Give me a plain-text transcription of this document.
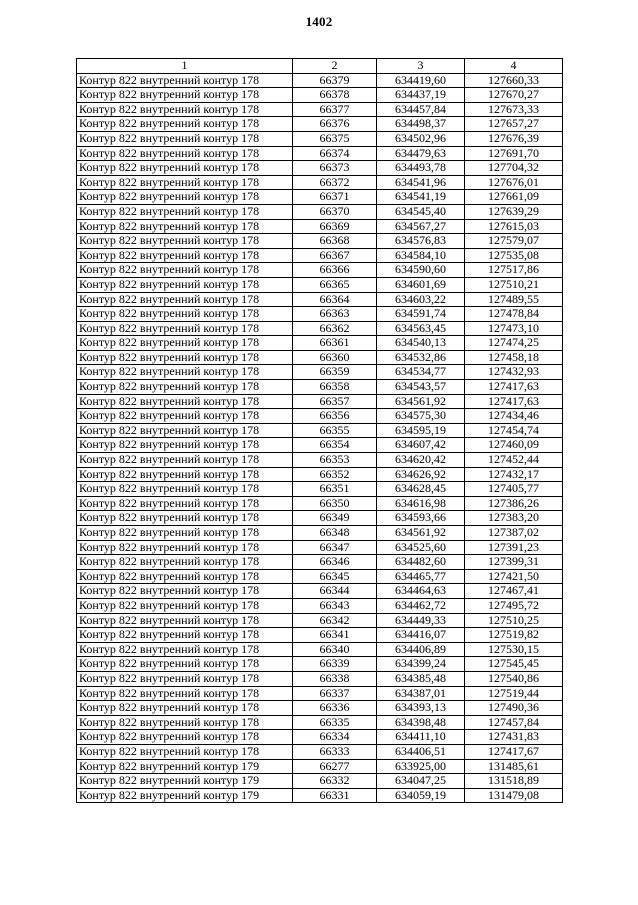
1402
1	2	3	4
Контур 822 внутренний контур 178	66379	634419,60	127660,33
Контур 822 внутренний контур 178	66378	634437,19	127670,27
Контур 822 внутренний контур 178	66377	634457,84	127673,33
Контур 822 внутренний контур 178	66376	634498,37	127657,27
Контур 822 внутренний контур 178	66375	634502,96	127676,39
Контур 822 внутренний контур 178	66374	634479,63	127691,70
Контур 822 внутренний контур 178	66373	634493,78	127704,32
Контур 822 внутренний контур 178	66372	634541,96	127676,01
Контур 822 внутренний контур 178	66371	634541,19	127661,09
Контур 822 внутренний контур 178	66370	634545,40	127639,29
Контур 822 внутренний контур 178	66369	634567,27	127615,03
Контур 822 внутренний контур 178	66368	634576,83	127579,07
Контур 822 внутренний контур 178	66367	634584,10	127535,08
Контур 822 внутренний контур 178	66366	634590,60	127517,86
Контур 822 внутренний контур 178	66365	634601,69	127510,21
Контур 822 внутренний контур 178	66364	634603,22	127489,55
Контур 822 внутренний контур 178	66363	634591,74	127478,84
Контур 822 внутренний контур 178	66362	634563,45	127473,10
Контур 822 внутренний контур 178	66361	634540,13	127474,25
Контур 822 внутренний контур 178	66360	634532,86	127458,18
Контур 822 внутренний контур 178	66359	634534,77	127432,93
Контур 822 внутренний контур 178	66358	634543,57	127417,63
Контур 822 внутренний контур 178	66357	634561,92	127417,63
Контур 822 внутренний контур 178	66356	634575,30	127434,46
Контур 822 внутренний контур 178	66355	634595,19	127454,74
Контур 822 внутренний контур 178	66354	634607,42	127460,09
Контур 822 внутренний контур 178	66353	634620,42	127452,44
Контур 822 внутренний контур 178	66352	634626,92	127432,17
Контур 822 внутренний контур 178	66351	634628,45	127405,77
Контур 822 внутренний контур 178	66350	634616,98	127386,26
Контур 822 внутренний контур 178	66349	634593,66	127383,20
Контур 822 внутренний контур 178	66348	634561,92	127387,02
Контур 822 внутренний контур 178	66347	634525,60	127391,23
Контур 822 внутренний контур 178	66346	634482,60	127399,31
Контур 822 внутренний контур 178	66345	634465,77	127421,50
Контур 822 внутренний контур 178	66344	634464,63	127467,41
Контур 822 внутренний контур 178	66343	634462,72	127495,72
Контур 822 внутренний контур 178	66342	634449,33	127510,25
Контур 822 внутренний контур 178	66341	634416,07	127519,82
Контур 822 внутренний контур 178	66340	634406,89	127530,15
Контур 822 внутренний контур 178	66339	634399,24	127545,45
Контур 822 внутренний контур 178	66338	634385,48	127540,86
Контур 822 внутренний контур 178	66337	634387,01	127519,44
Контур 822 внутренний контур 178	66336	634393,13	127490,36
Контур 822 внутренний контур 178	66335	634398,48	127457,84
Контур 822 внутренний контур 178	66334	634411,10	127431,83
Контур 822 внутренний контур 178	66333	634406,51	127417,67
Контур 822 внутренний контур 179	66277	633925,00	131485,61
Контур 822 внутренний контур 179	66332	634047,25	131518,89
Контур 822 внутренний контур 179	66331	634059,19	131479,08
